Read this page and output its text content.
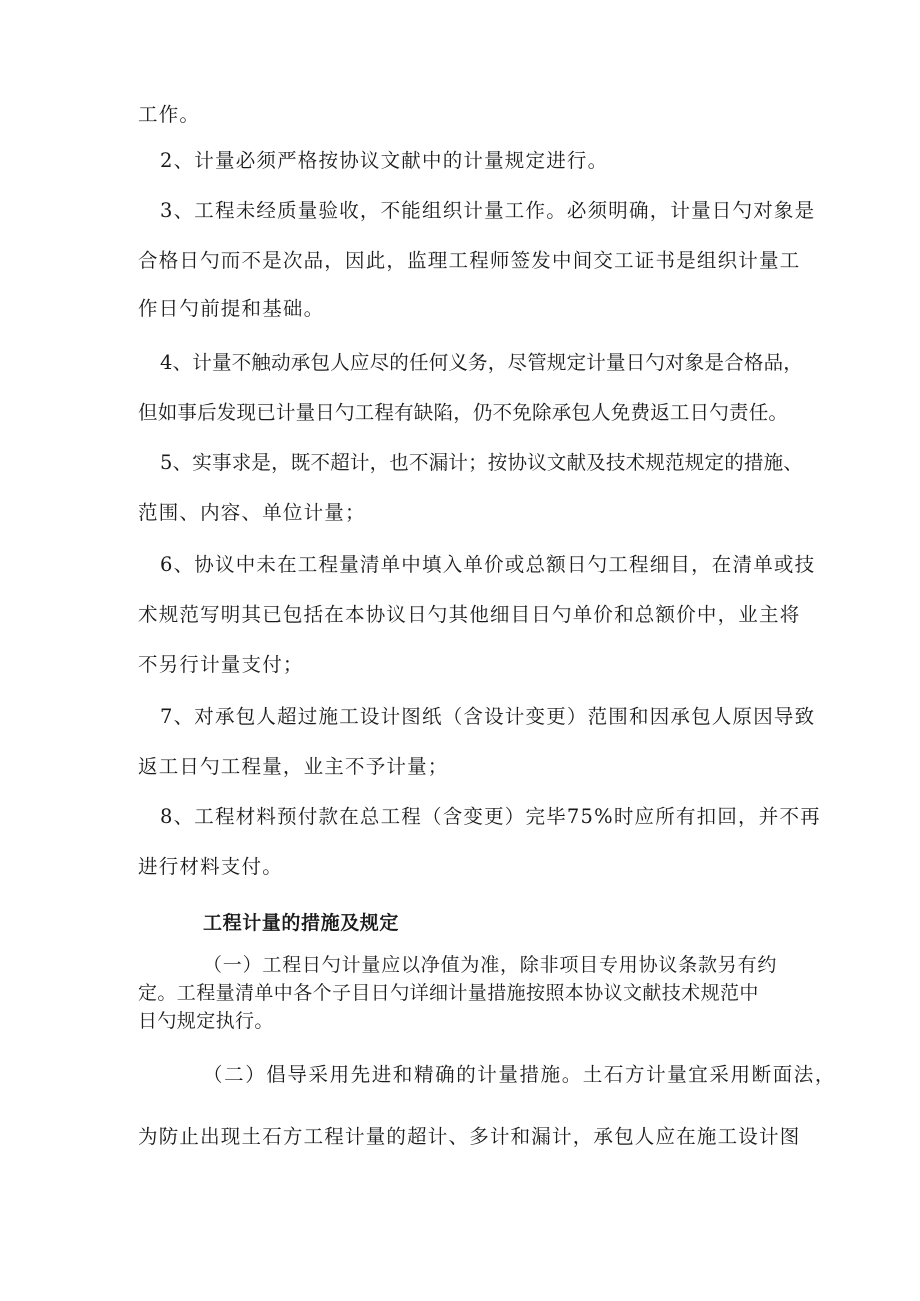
工作。
2、计量必须严格按协议文献中的计量规定进行。
3、工程未经质量验收，不能组织计量工作。必须明确，计量日勺对象是
合格日勺而不是次品，因此，监理工程师签发中间交工证书是组织计量工
作日勺前提和基础。
4、计量不触动承包人应尽的任何义务，尽管规定计量日勺对象是合格品，
但如事后发现已计量日勺工程有缺陷，仍不免除承包人免费返工日勺责任。
5、实事求是，既不超计，也不漏计；按协议文献及技术规范规定的措施、
范围、内容、单位计量；
6、协议中未在工程量清单中填入单价或总额日勺工程细目，在清单或技
术规范写明其已包括在本协议日勺其他细目日勺单价和总额价中，业主将
不另行计量支付；
7、对承包人超过施工设计图纸（含设计变更）范围和因承包人原因导致
返工日勺工程量，业主不予计量；
8、工程材料预付款在总工程（含变更）完毕75%时应所有扣回，并不再
进行材料支付。
工程计量的措施及规定
（一）工程日勺计量应以净值为准，除非项目专用协议条款另有约
定。工程量清单中各个子目日勺详细计量措施按照本协议文献技术规范中
日勺规定执行。
（二）倡导采用先进和精确的计量措施。土石方计量宜采用断面法，
为防止出现土石方工程计量的超计、多计和漏计，承包人应在施工设计图
